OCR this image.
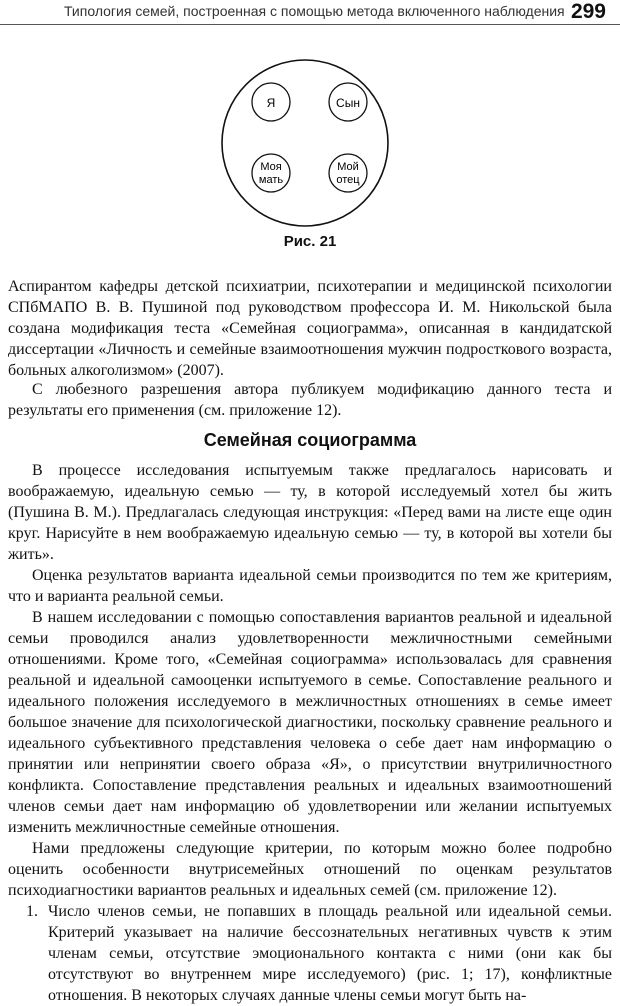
Типология семей, построенная с помощью метода включенного наблюдения 299
Я	Сын
Моя
мать
Мой
отец
Рис. 21

Аспирантом кафедры детской психиатрии, психотерапии и медицинской психологии СПбМАПО В. В. Пушиной под руководством профессора И. М. Никольской была создана модификация теста «Семейная социограмма», описанная в кандидатской диссертации «Личность и семейные взаимоотношения мужчин подросткового возраста, больных алкоголизмом» (2007).

С любезного разрешения автора публикуем модификацию данного теста и результаты его применения (см. приложение 12).

Семейная социограмма

В процессе исследования испытуемым также предлагалось нарисовать и воображаемую, идеальную семью — ту, в которой исследуемый хотел бы жить (Пушина В. М.). Предлагалась следующая инструкция: «Перед вами на листе еще один круг. Нарисуйте в нем воображаемую идеальную семью — ту, в которой вы хотели бы жить».

Оценка результатов варианта идеальной семьи производится по тем же критериям, что и варианта реальной семьи.

В нашем исследовании с помощью сопоставления вариантов реальной и идеальной семьи проводился анализ удовлетворенности межличностными семейными отношениями. Кроме того, «Семейная социограмма» использовалась для сравнения реальной и идеальной самооценки испытуемого в семье. Сопоставление реального и идеального положения исследуемого в межличностных отношениях в семье имеет большое значение для психологической диагностики, поскольку сравнение реального и идеального субъективного представления человека о себе дает нам информацию о принятии или непринятии своего образа «Я», о присутствии внутриличностного конфликта. Сопоставление представления реальных и идеальных взаимоотношений членов семьи дает нам информацию об удовлетворении или желании испытуемых изменить межличностные семейные отношения.

Нами предложены следующие критерии, по которым можно более подробно оценить особенности внутрисемейных отношений по оценкам результатов психодиагностики вариантов реальных и идеальных семей (см. приложение 12).

1. Число членов семьи, не попавших в площадь реальной или идеальной семьи. Критерий указывает на наличие бессознательных негативных чувств к этим членам семьи, отсутствие эмоционального контакта с ними (они как бы отсутствуют во внутреннем мире исследуемого) (рис. 1; 17), конфликтные отношения. В некоторых случаях данные члены семьи могут быть на-
